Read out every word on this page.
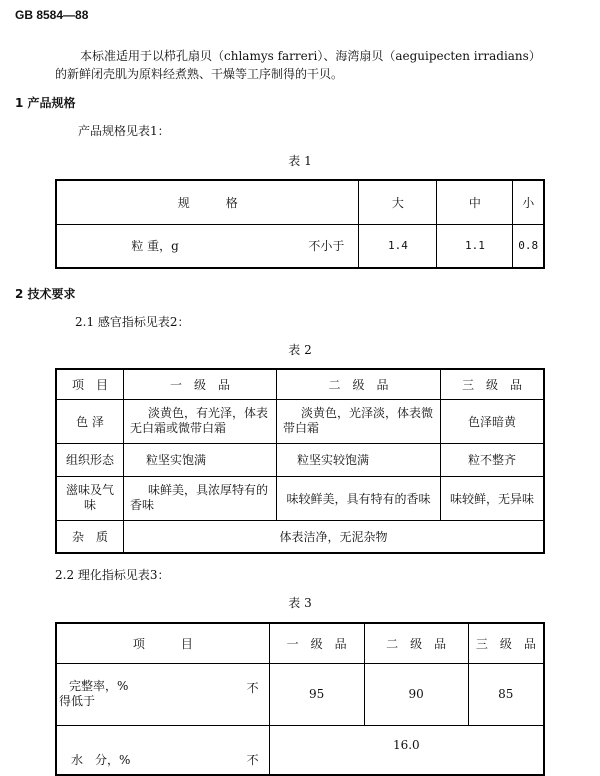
GB 8584—88
本标准适用于以栉孔扇贝（chlamys farreri）、海湾扇贝（aeguipecten irradians）
的新鲜闭壳肌为原料经煮熟、干燥等工序制得的干贝。
1 产品规格
产品规格见表1：
表 1
规　　　格		大	中	小
粒 重，g	不小于	1.4	1.1	0.8
2 技术要求
2.1 感官指标见表2：
表 2
项　目	一　级　品	二　级　品	三　级　品
色 泽	淡黄色，有光泽，体表无白霜或微带白霜	淡黄色，光泽淡，体表微带白霜	色泽暗黄
组织形态	粒坚实饱满	粒坚实较饱满	粒不整齐
滋味及气味	味鲜美，具浓厚特有的香味	味较鲜美，具有特有的香味	味较鲜，无异味
杂　质	体表洁净，无泥杂物		
2.2 理化指标见表3：
表 3
项　　　目		一　级　品	二　级　品	三　级　品

完整率，%
得低于	不	95	90	85
水　分，%	不	16.0		
